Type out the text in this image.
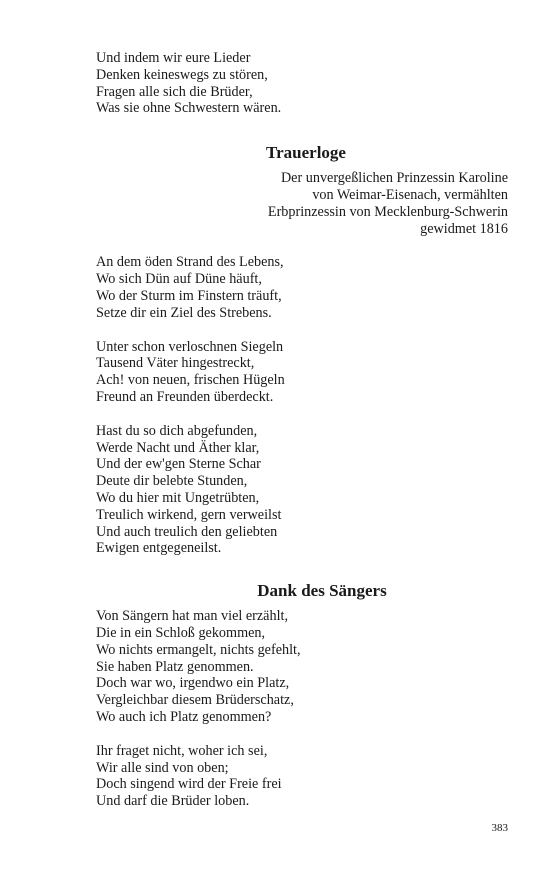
Und indem wir eure Lieder
Denken keineswegs zu stören,
Fragen alle sich die Brüder,
Was sie ohne Schwestern wären.
Trauerloge
Der unvergeßlichen Prinzessin Karoline
von Weimar-Eisenach, vermählten
Erbprinzessin von Mecklenburg-Schwerin
gewidmet 1816
An dem öden Strand des Lebens,
Wo sich Dün auf Düne häuft,
Wo der Sturm im Finstern träuft,
Setze dir ein Ziel des Strebens.
Unter schon verloschnen Siegeln
Tausend Väter hingestreckt,
Ach! von neuen, frischen Hügeln
Freund an Freunden überdeckt.
Hast du so dich abgefunden,
Werde Nacht und Äther klar,
Und der ew'gen Sterne Schar
Deute dir belebte Stunden,
Wo du hier mit Ungetrübten,
Treulich wirkend, gern verweilst
Und auch treulich den geliebten
Ewigen entgegeneilst.
Dank des Sängers
Von Sängern hat man viel erzählt,
Die in ein Schloß gekommen,
Wo nichts ermangelt, nichts gefehlt,
Sie haben Platz genommen.
Doch war wo, irgendwo ein Platz,
Vergleichbar diesem Brüderschatz,
Wo auch ich Platz genommen?
Ihr fraget nicht, woher ich sei,
Wir alle sind von oben;
Doch singend wird der Freie frei
Und darf die Brüder loben.
383
